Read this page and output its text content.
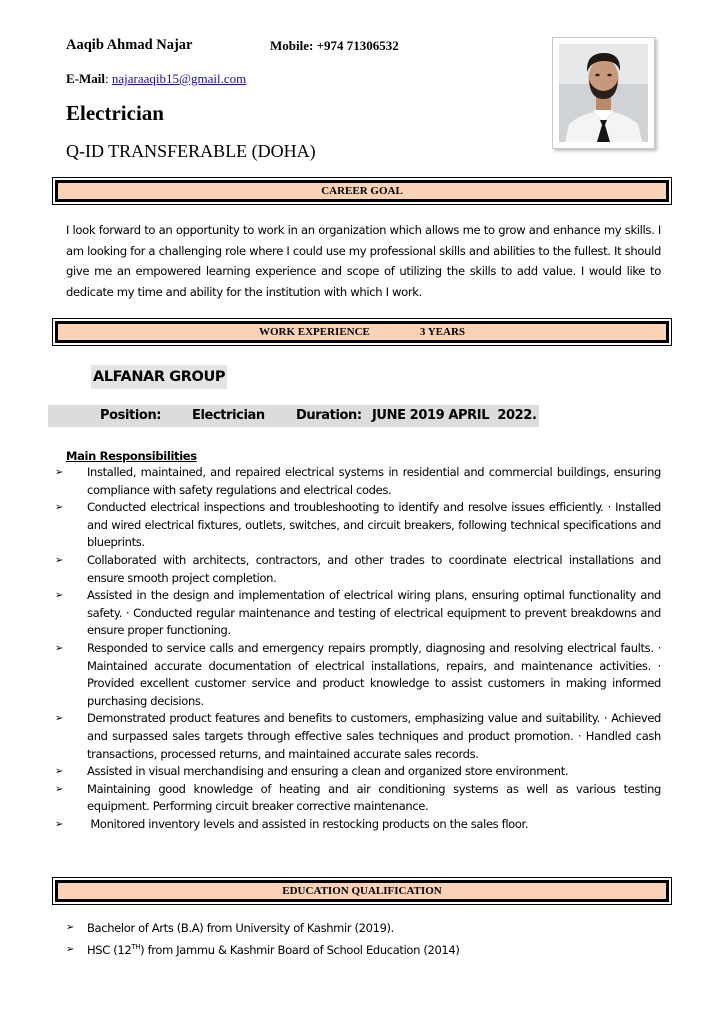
Aaqib Ahmad Najar	Mobile: +974 71306532
E-Mail: najaraaqib15@gmail.com
Electrician
Q-ID TRANSFERABLE (DOHA)
CAREER GOAL
I look forward to an opportunity to work in an organization which allows me to grow and enhance my skills. I am looking for a challenging role where I could use my professional skills and abilities to the fullest. It should give me an empowered learning experience and scope of utilizing the skills to add value. I would like to dedicate my time and ability for the institution with which I work.
WORK EXPERIENCE	3 YEARS
ALFANAR GROUP
Position: Electrician Duration: JUNE 2019 APRIL  2022.
Main Responsibilities
➢	Installed, maintained, and repaired electrical systems in residential and commercial buildings, ensuring compliance with safety regulations and electrical codes.
➢	Conducted electrical inspections and troubleshooting to identify and resolve issues efficiently. · Installed and wired electrical fixtures, outlets, switches, and circuit breakers, following technical specifications and blueprints.
➢	Collaborated with architects, contractors, and other trades to coordinate electrical installations and ensure smooth project completion.
➢	Assisted in the design and implementation of electrical wiring plans, ensuring optimal functionality and safety. · Conducted regular maintenance and testing of electrical equipment to prevent breakdowns and ensure proper functioning.
➢	Responded to service calls and emergency repairs promptly, diagnosing and resolving electrical faults. · Maintained accurate documentation of electrical installations, repairs, and maintenance activities. · Provided excellent customer service and product knowledge to assist customers in making informed purchasing decisions.
➢	Demonstrated product features and benefits to customers, emphasizing value and suitability. · Achieved and surpassed sales targets through effective sales techniques and product promotion. · Handled cash transactions, processed returns, and maintained accurate sales records.
➢	Assisted in visual merchandising and ensuring a clean and organized store environment.
➢	Maintaining good knowledge of heating and air conditioning systems as well as various testing equipment. Performing circuit breaker corrective maintenance.
➢	Monitored inventory levels and assisted in restocking products on the sales floor.
EDUCATION QUALIFICATION
➢	Bachelor of Arts (B.A) from University of Kashmir (2019).
➢	HSC (12TH) from Jammu & Kashmir Board of School Education (2014)
